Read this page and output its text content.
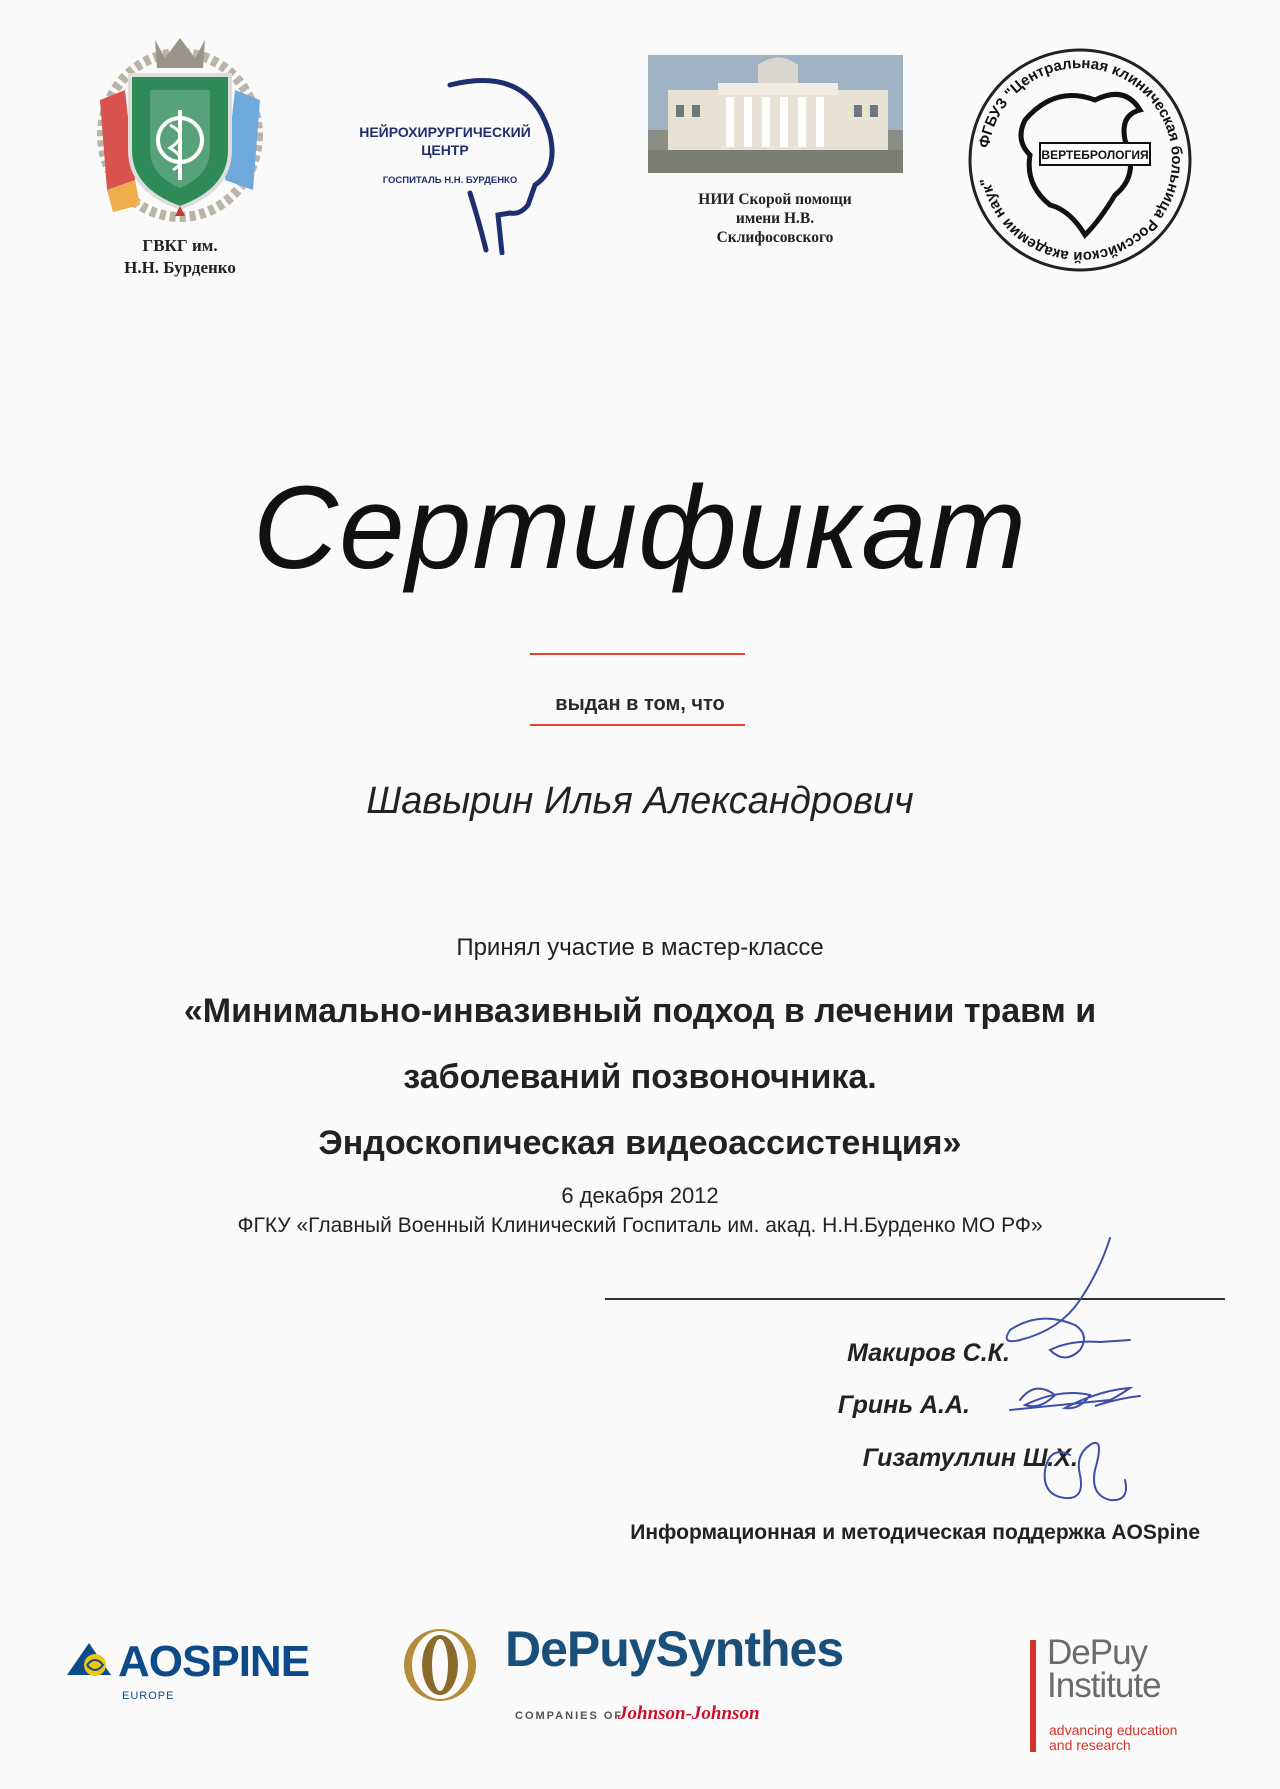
ГВКГ им.
Н.Н. Бурденко
НЕЙРОХИРУРГИЧЕСКИЙ
ЦЕНТР
ГОСПИТАЛЬ Н.Н. БУРДЕНКО
НИИ Скорой помощи
имени Н.В.
Склифосовского
ФГБУЗ "Центральная клиническая больница Российской академии наук"
ВЕРТЕБРОЛОГИЯ
Сертификат
выдан в том, что
Шавырин Илья Александрович
Принял участие в мастер-классе
«Минимально-инвазивный подход в лечении травм и
заболеваний позвоночника.
Эндоскопическая видеоассистенция»
6 декабря 2012
ФГКУ «Главный Военный Клинический Госпиталь им. акад. Н.Н.Бурденко МО РФ»
Макиров С.К.
Гринь А.А.
Гизатуллин Ш.Х.
Информационная и методическая поддержка AOSpine
AOSPINE
EUROPE
DePuySynthes
COMPANIES OF
Johnson-Johnson
DePuy
Institute
advancing education
and research
